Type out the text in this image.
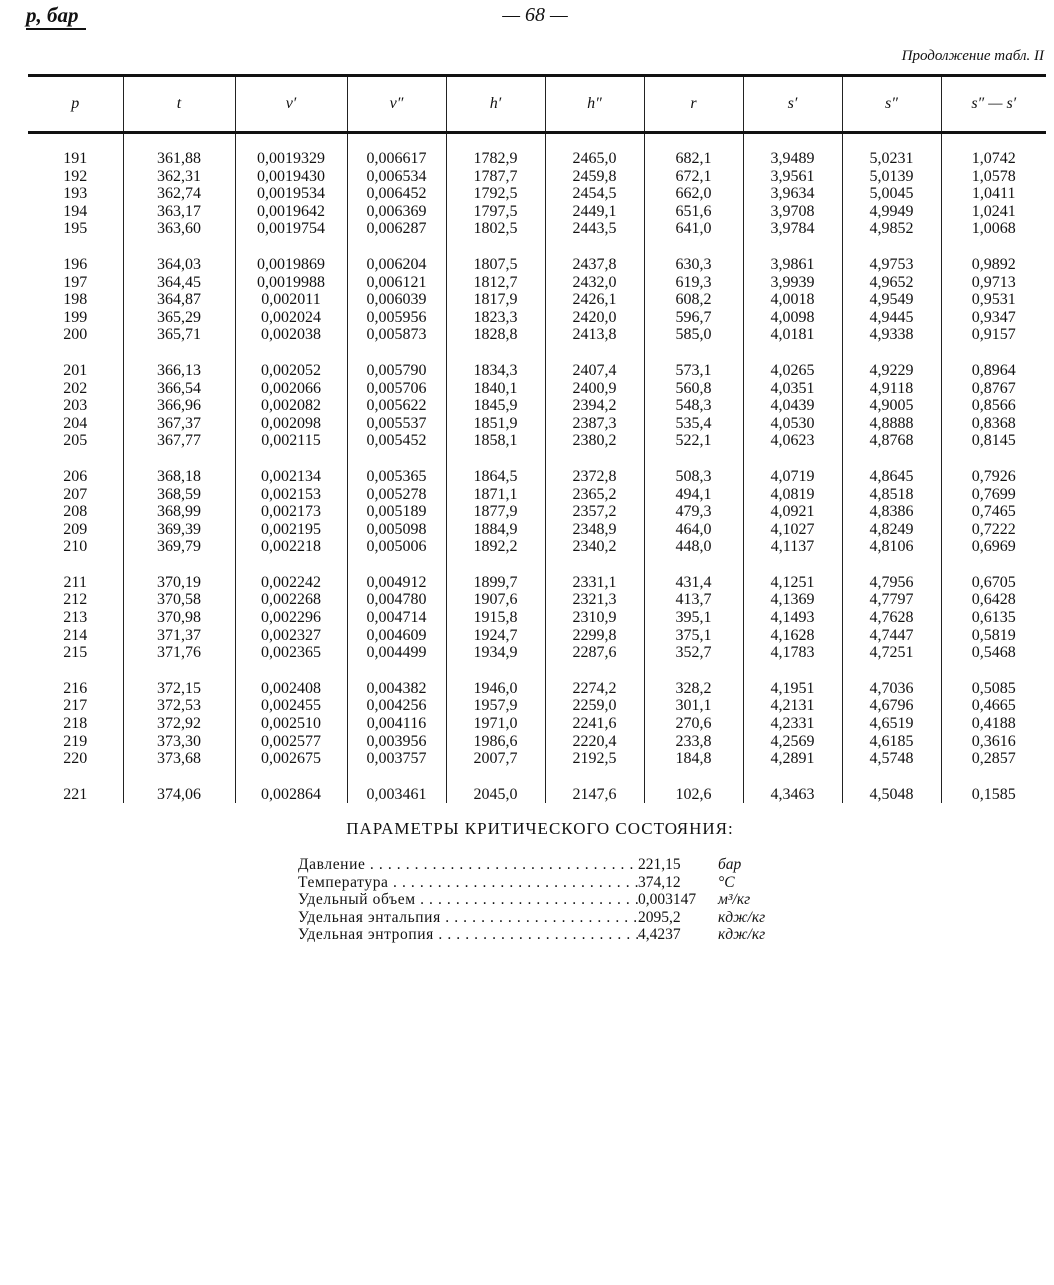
p, бар	— 68 —
Продолжение табл. II
p	t	v′	v″	h′	h″	r	s′	s″	s″ — s′
191	361,88	0,0019329	0,006617	1782,9	2465,0	682,1	3,9489	5,0231	1,0742
192	362,31	0,0019430	0,006534	1787,7	2459,8	672,1	3,9561	5,0139	1,0578
193	362,74	0,0019534	0,006452	1792,5	2454,5	662,0	3,9634	5,0045	1,0411
194	363,17	0,0019642	0,006369	1797,5	2449,1	651,6	3,9708	4,9949	1,0241
195	363,60	0,0019754	0,006287	1802,5	2443,5	641,0	3,9784	4,9852	1,0068
196	364,03	0,0019869	0,006204	1807,5	2437,8	630,3	3,9861	4,9753	0,9892
197	364,45	0,0019988	0,006121	1812,7	2432,0	619,3	3,9939	4,9652	0,9713
198	364,87	0,002011	0,006039	1817,9	2426,1	608,2	4,0018	4,9549	0,9531
199	365,29	0,002024	0,005956	1823,3	2420,0	596,7	4,0098	4,9445	0,9347
200	365,71	0,002038	0,005873	1828,8	2413,8	585,0	4,0181	4,9338	0,9157
201	366,13	0,002052	0,005790	1834,3	2407,4	573,1	4,0265	4,9229	0,8964
202	366,54	0,002066	0,005706	1840,1	2400,9	560,8	4,0351	4,9118	0,8767
203	366,96	0,002082	0,005622	1845,9	2394,2	548,3	4,0439	4,9005	0,8566
204	367,37	0,002098	0,005537	1851,9	2387,3	535,4	4,0530	4,8888	0,8368
205	367,77	0,002115	0,005452	1858,1	2380,2	522,1	4,0623	4,8768	0,8145
206	368,18	0,002134	0,005365	1864,5	2372,8	508,3	4,0719	4,8645	0,7926
207	368,59	0,002153	0,005278	1871,1	2365,2	494,1	4,0819	4,8518	0,7699
208	368,99	0,002173	0,005189	1877,9	2357,2	479,3	4,0921	4,8386	0,7465
209	369,39	0,002195	0,005098	1884,9	2348,9	464,0	4,1027	4,8249	0,7222
210	369,79	0,002218	0,005006	1892,2	2340,2	448,0	4,1137	4,8106	0,6969
211	370,19	0,002242	0,004912	1899,7	2331,1	431,4	4,1251	4,7956	0,6705
212	370,58	0,002268	0,004780	1907,6	2321,3	413,7	4,1369	4,7797	0,6428
213	370,98	0,002296	0,004714	1915,8	2310,9	395,1	4,1493	4,7628	0,6135
214	371,37	0,002327	0,004609	1924,7	2299,8	375,1	4,1628	4,7447	0,5819
215	371,76	0,002365	0,004499	1934,9	2287,6	352,7	4,1783	4,7251	0,5468
216	372,15	0,002408	0,004382	1946,0	2274,2	328,2	4,1951	4,7036	0,5085
217	372,53	0,002455	0,004256	1957,9	2259,0	301,1	4,2131	4,6796	0,4665
218	372,92	0,002510	0,004116	1971,0	2241,6	270,6	4,2331	4,6519	0,4188
219	373,30	0,002577	0,003956	1986,6	2220,4	233,8	4,2569	4,6185	0,3616
220	373,68	0,002675	0,003757	2007,7	2192,5	184,8	4,2891	4,5748	0,2857
221	374,06	0,002864	0,003461	2045,0	2147,6	102,6	4,3463	4,5048	0,1585
ПАРАМЕТРЫ КРИТИЧЕСКОГО СОСТОЯНИЯ:
Давление . . .	221,15	бар
Температура . . .	374,12	°C
Удельный объем . . .	0,003147	м³/кг
Удельная энтальпия . . .	2095,2	кдж/кг
Удельная энтропия . . .	4,4237	кдж/кг
